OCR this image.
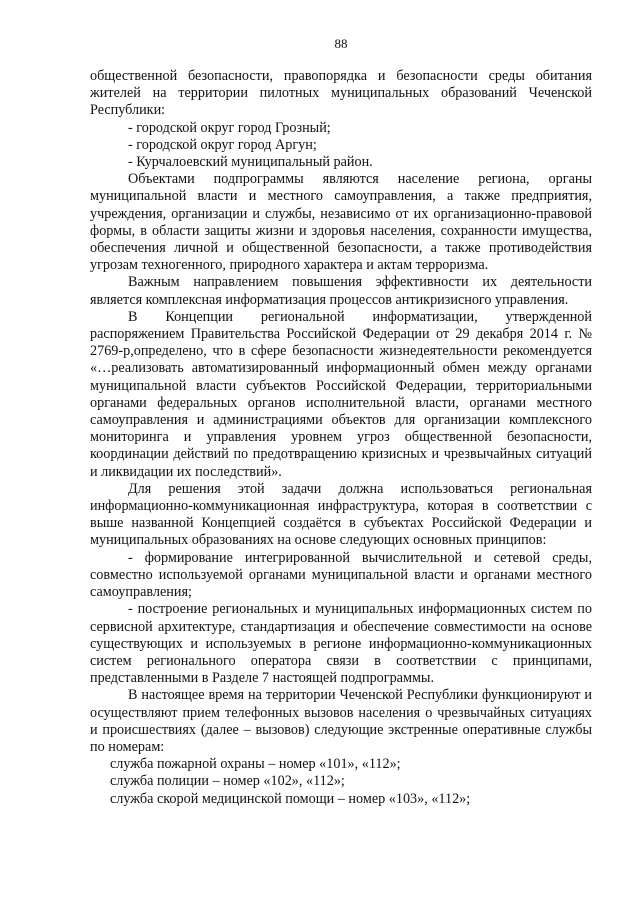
88

общественной безопасности, правопорядка и безопасности среды обитания жителей на территории пилотных муниципальных образований Чеченской Республики:

- городской округ город Грозный;

- городской округ город Аргун;

- Курчалоевский муниципальный район.

Объектами подпрограммы являются население региона, органы муниципальной власти и местного самоуправления, а также предприятия, учреждения, организации и службы, независимо от их организационно-правовой формы, в области защиты жизни и здоровья населения, сохранности имущества, обеспечения личной и общественной безопасности, а также противодействия угрозам техногенного, природного характера и актам терроризма.

Важным направлением повышения эффективности их деятельности является комплексная информатизация процессов антикризисного управления.

В Концепции региональной информатизации, утвержденной распоряжением Правительства Российской Федерации от 29 декабря 2014 г. № 2769-р,определено, что в сфере безопасности жизнедеятельности рекомендуется «…реализовать автоматизированный информационный обмен между органами муниципальной власти субъектов Российской Федерации, территориальными органами федеральных органов исполнительной власти, органами местного самоуправления и администрациями объектов для организации комплексного мониторинга и управления уровнем угроз общественной безопасности, координации действий по предотвращению кризисных и чрезвычайных ситуаций и ликвидации их последствий».

Для решения этой задачи должна использоваться региональная информационно-коммуникационная инфраструктура, которая в соответствии с выше названной Концепцией создаётся в субъектах Российской Федерации и муниципальных образованиях на основе следующих основных принципов:

- формирование интегрированной вычислительной и сетевой среды, совместно используемой органами муниципальной власти и органами местного самоуправления;

- построение региональных и муниципальных информационных систем по сервисной архитектуре, стандартизация и обеспечение совместимости на основе существующих и используемых в регионе информационно-коммуникационных систем регионального оператора связи в соответствии с принципами, представленными в Разделе 7 настоящей подпрограммы.

В настоящее время на территории Чеченской Республики функционируют и осуществляют прием телефонных вызовов населения о чрезвычайных ситуациях и происшествиях (далее – вызовов) следующие экстренные оперативные службы по номерам:

служба пожарной охраны – номер «101», «112»;

служба полиции – номер «102», «112»;

служба скорой медицинской помощи – номер «103», «112»;
